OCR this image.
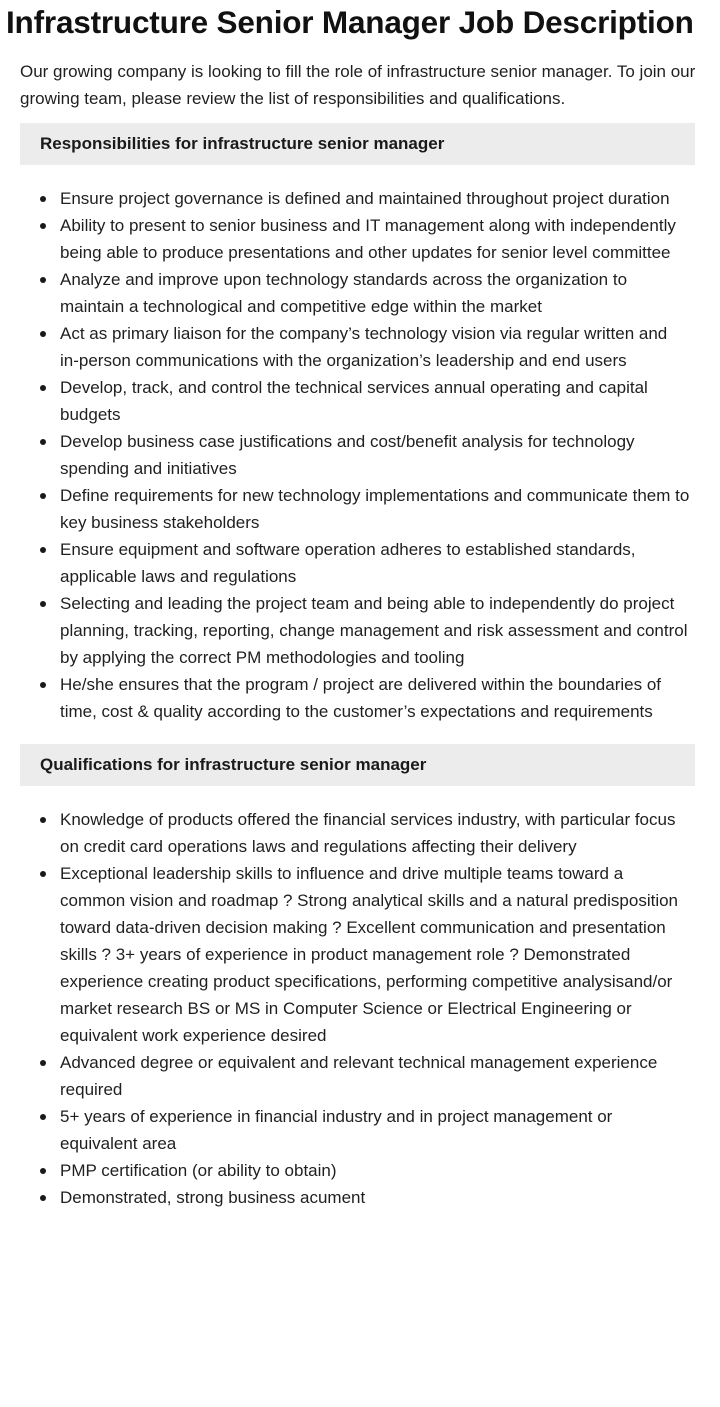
Infrastructure Senior Manager Job Description

Our growing company is looking to fill the role of infrastructure senior manager. To join our growing team, please review the list of responsibilities and qualifications.

Responsibilities for infrastructure senior manager
Ensure project governance is defined and maintained throughout project duration
Ability to present to senior business and IT management along with independently being able to produce presentations and other updates for senior level committee
Analyze and improve upon technology standards across the organization to maintain a technological and competitive edge within the market
Act as primary liaison for the company’s technology vision via regular written and in-person communications with the organization’s leadership and end users
Develop, track, and control the technical services annual operating and capital budgets
Develop business case justifications and cost/benefit analysis for technology spending and initiatives
Define requirements for new technology implementations and communicate them to key business stakeholders
Ensure equipment and software operation adheres to established standards, applicable laws and regulations
Selecting and leading the project team and being able to independently do project planning, tracking, reporting, change management and risk assessment and control by applying the correct PM methodologies and tooling
He/she ensures that the program / project are delivered within the boundaries of time, cost & quality according to the customer’s expectations and requirements
Qualifications for infrastructure senior manager
Knowledge of products offered the financial services industry, with particular focus on credit card operations laws and regulations affecting their delivery
Exceptional leadership skills to influence and drive multiple teams toward a common vision and roadmap ? Strong analytical skills and a natural predisposition toward data-driven decision making ? Excellent communication and presentation skills ? 3+ years of experience in product management role ? Demonstrated experience creating product specifications, performing competitive analysisand/or market research BS or MS in Computer Science or Electrical Engineering or equivalent work experience desired
Advanced degree or equivalent and relevant technical management experience required
5+ years of experience in financial industry and in project management or equivalent area
PMP certification (or ability to obtain)
Demonstrated, strong business acument
